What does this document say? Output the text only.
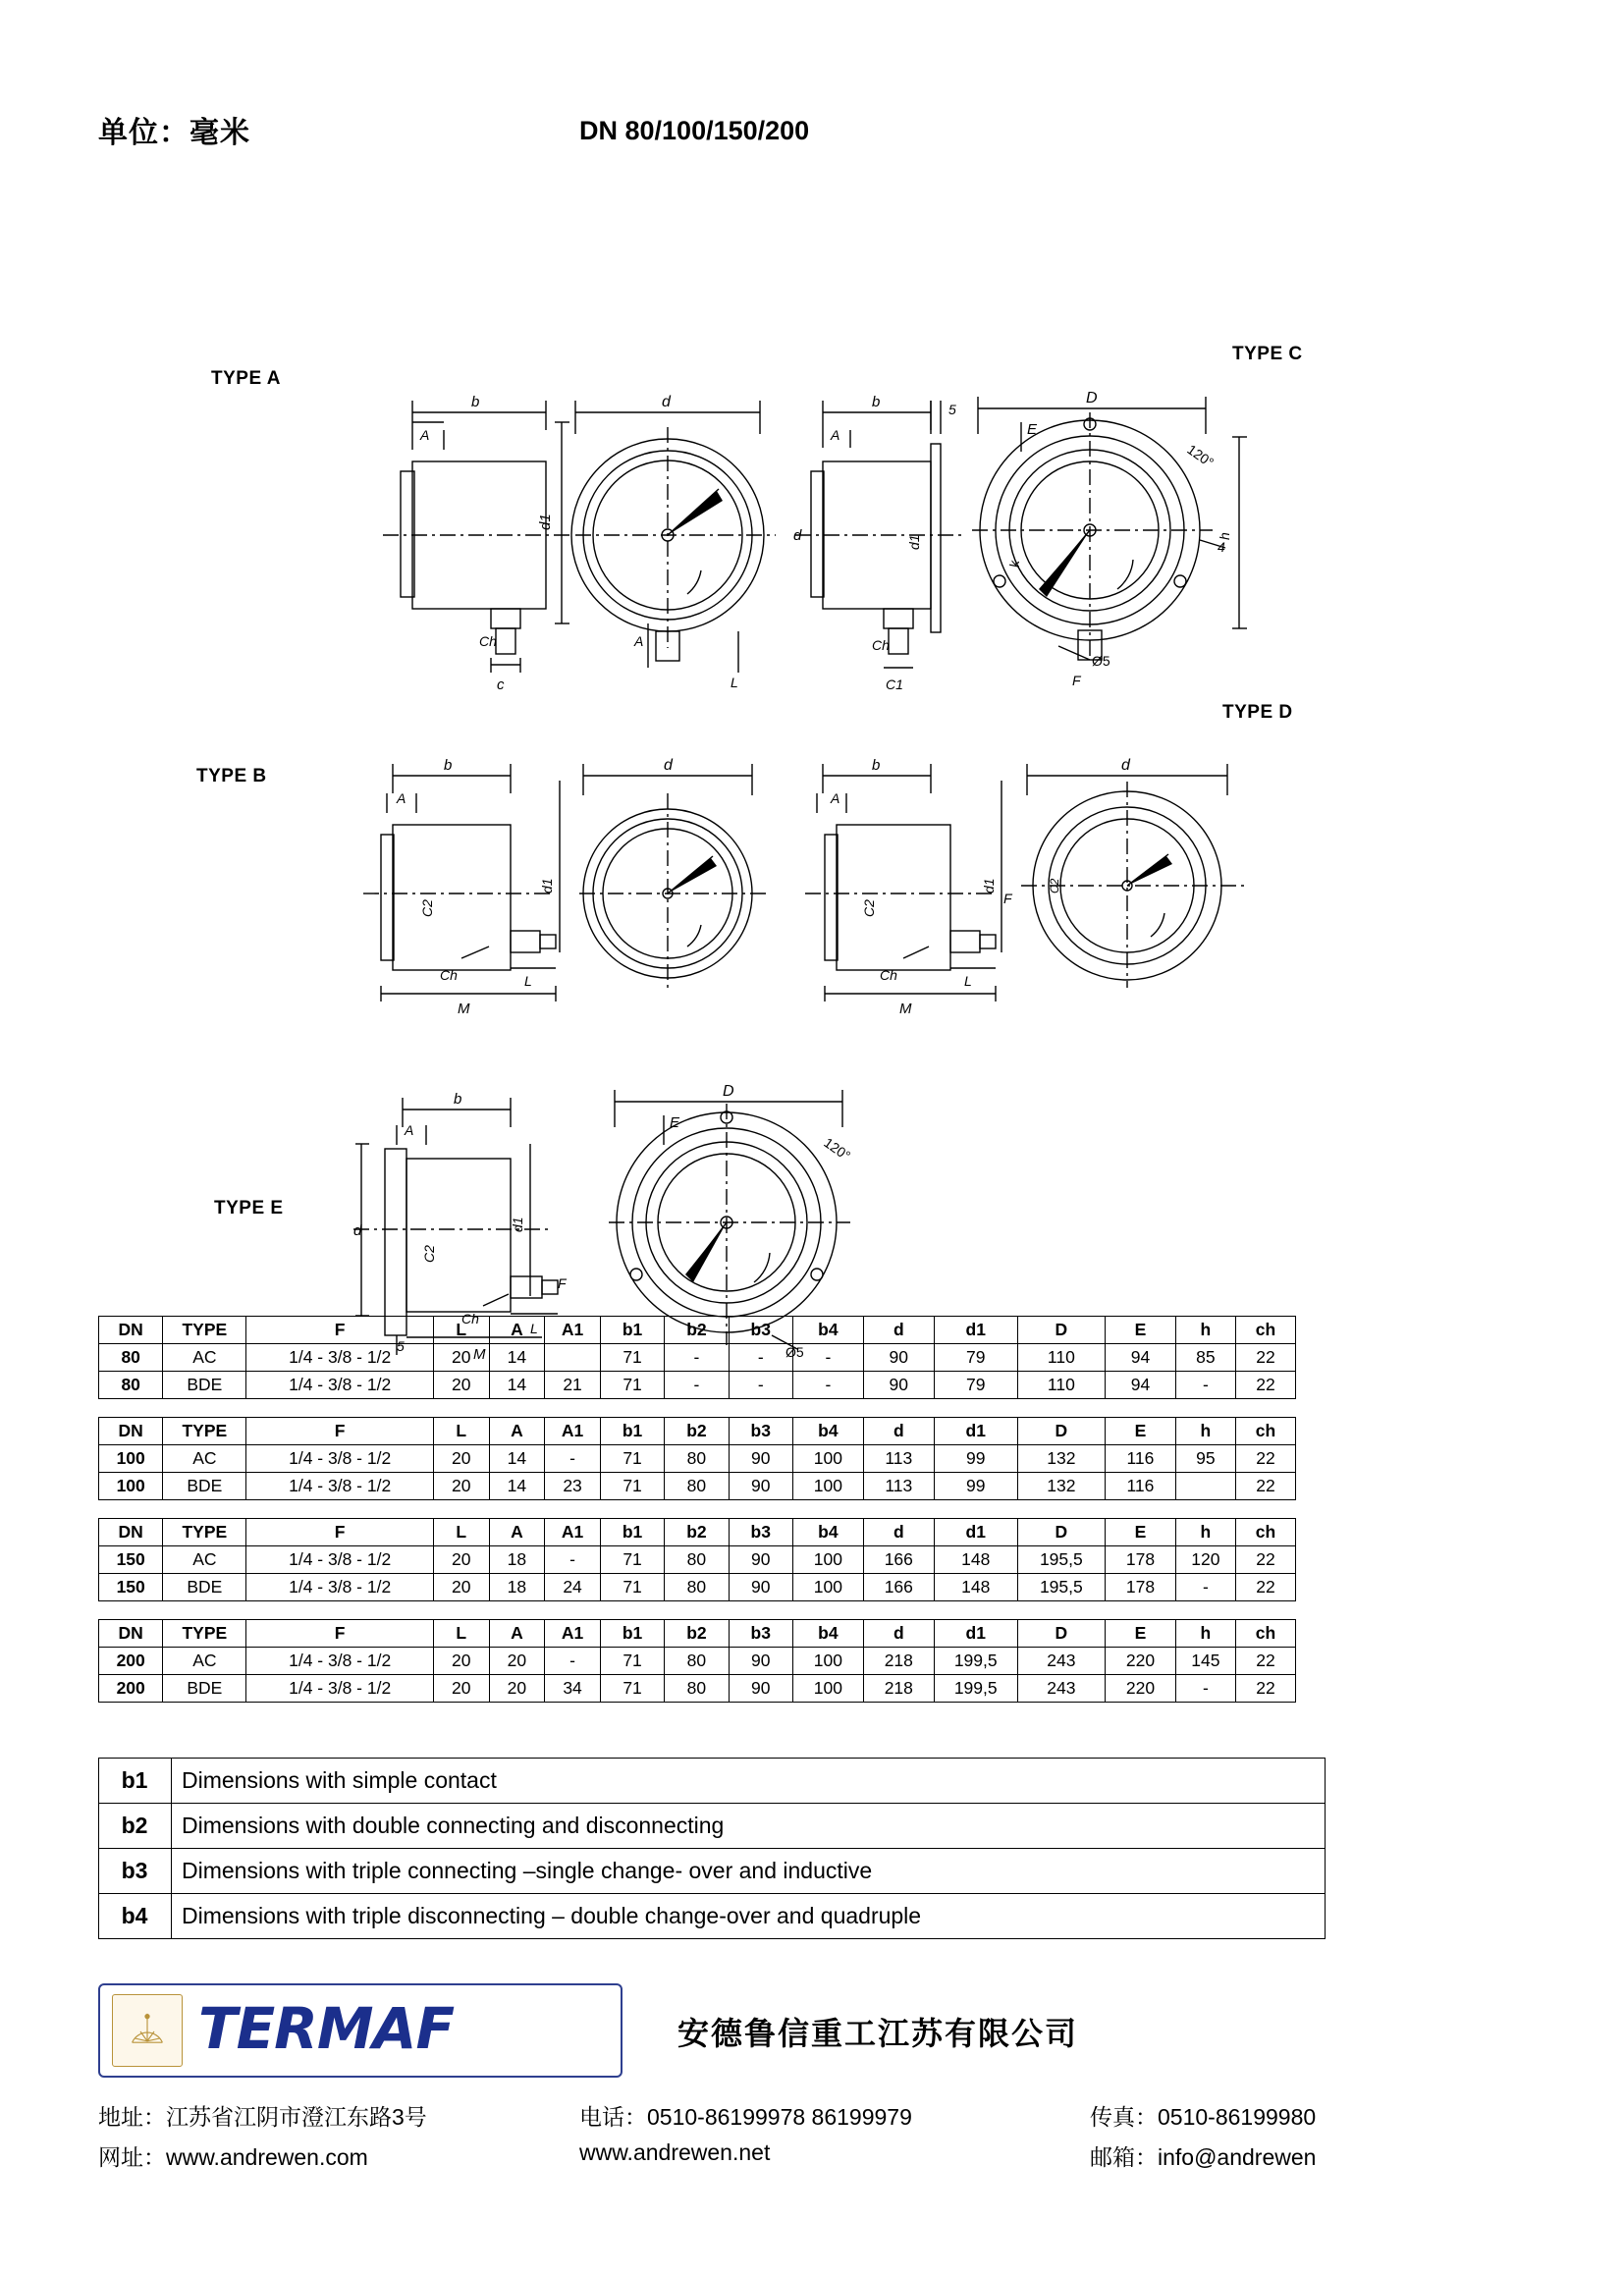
单位：毫米	DN 80/100/150/200
b
A
Ch
c
d1
d
A
L
b
A
5
d	d1
Ch
C1
D
E
120°
4
Ø5
F
h
k
b
A
C2
Ch	L
M
d1
d	b
A
C2
Ch	L
M
F
d1
d
C2
b
A
d	d1
C2
Ch
F
5	M
L
D
E
120°
Ø5
TYPE A
TYPE C
TYPE B
TYPE D
TYPE E
DN	TYPE	F	L	A	A1	b1	b2	b3	b4	d	d1	D	E	h	ch
80	AC	1/4 - 3/8 - 1/2	20	14		71	-	-	-	90	79	110	94	85	22
80	BDE	1/4 - 3/8 - 1/2	20	14	21	71	-	-	-	90	79	110	94	-	22
DN	TYPE	F	L	A	A1	b1	b2	b3	b4	d	d1	D	E	h	ch
100	AC	1/4 - 3/8 - 1/2	20	14	-	71	80	90	100	113	99	132	116	95	22
100	BDE	1/4 - 3/8 - 1/2	20	14	23	71	80	90	100	113	99	132	116		22
DN	TYPE	F	L	A	A1	b1	b2	b3	b4	d	d1	D	E	h	ch
150	AC	1/4 - 3/8 - 1/2	20	18	-	71	80	90	100	166	148	195,5	178	120	22
150	BDE	1/4 - 3/8 - 1/2	20	18	24	71	80	90	100	166	148	195,5	178	-	22
DN	TYPE	F	L	A	A1	b1	b2	b3	b4	d	d1	D	E	h	ch
200	AC	1/4 - 3/8 - 1/2	20	20	-	71	80	90	100	218	199,5	243	220	145	22
200	BDE	1/4 - 3/8 - 1/2	20	20	34	71	80	90	100	218	199,5	243	220	-	22
b1	Dimensions with simple contact
b2	Dimensions with double connecting and disconnecting
b3	Dimensions with triple connecting –single change- over and inductive
b4	Dimensions with triple disconnecting – double change-over and quadruple
TERMAF	安德鲁信重工江苏有限公司
地址：江苏省江阴市澄江东路3号	电话：0510-86199978 86199979	传真：0510-86199980
网址：www.andrewen.com	www.andrewen.net	邮箱：info@andrewen
